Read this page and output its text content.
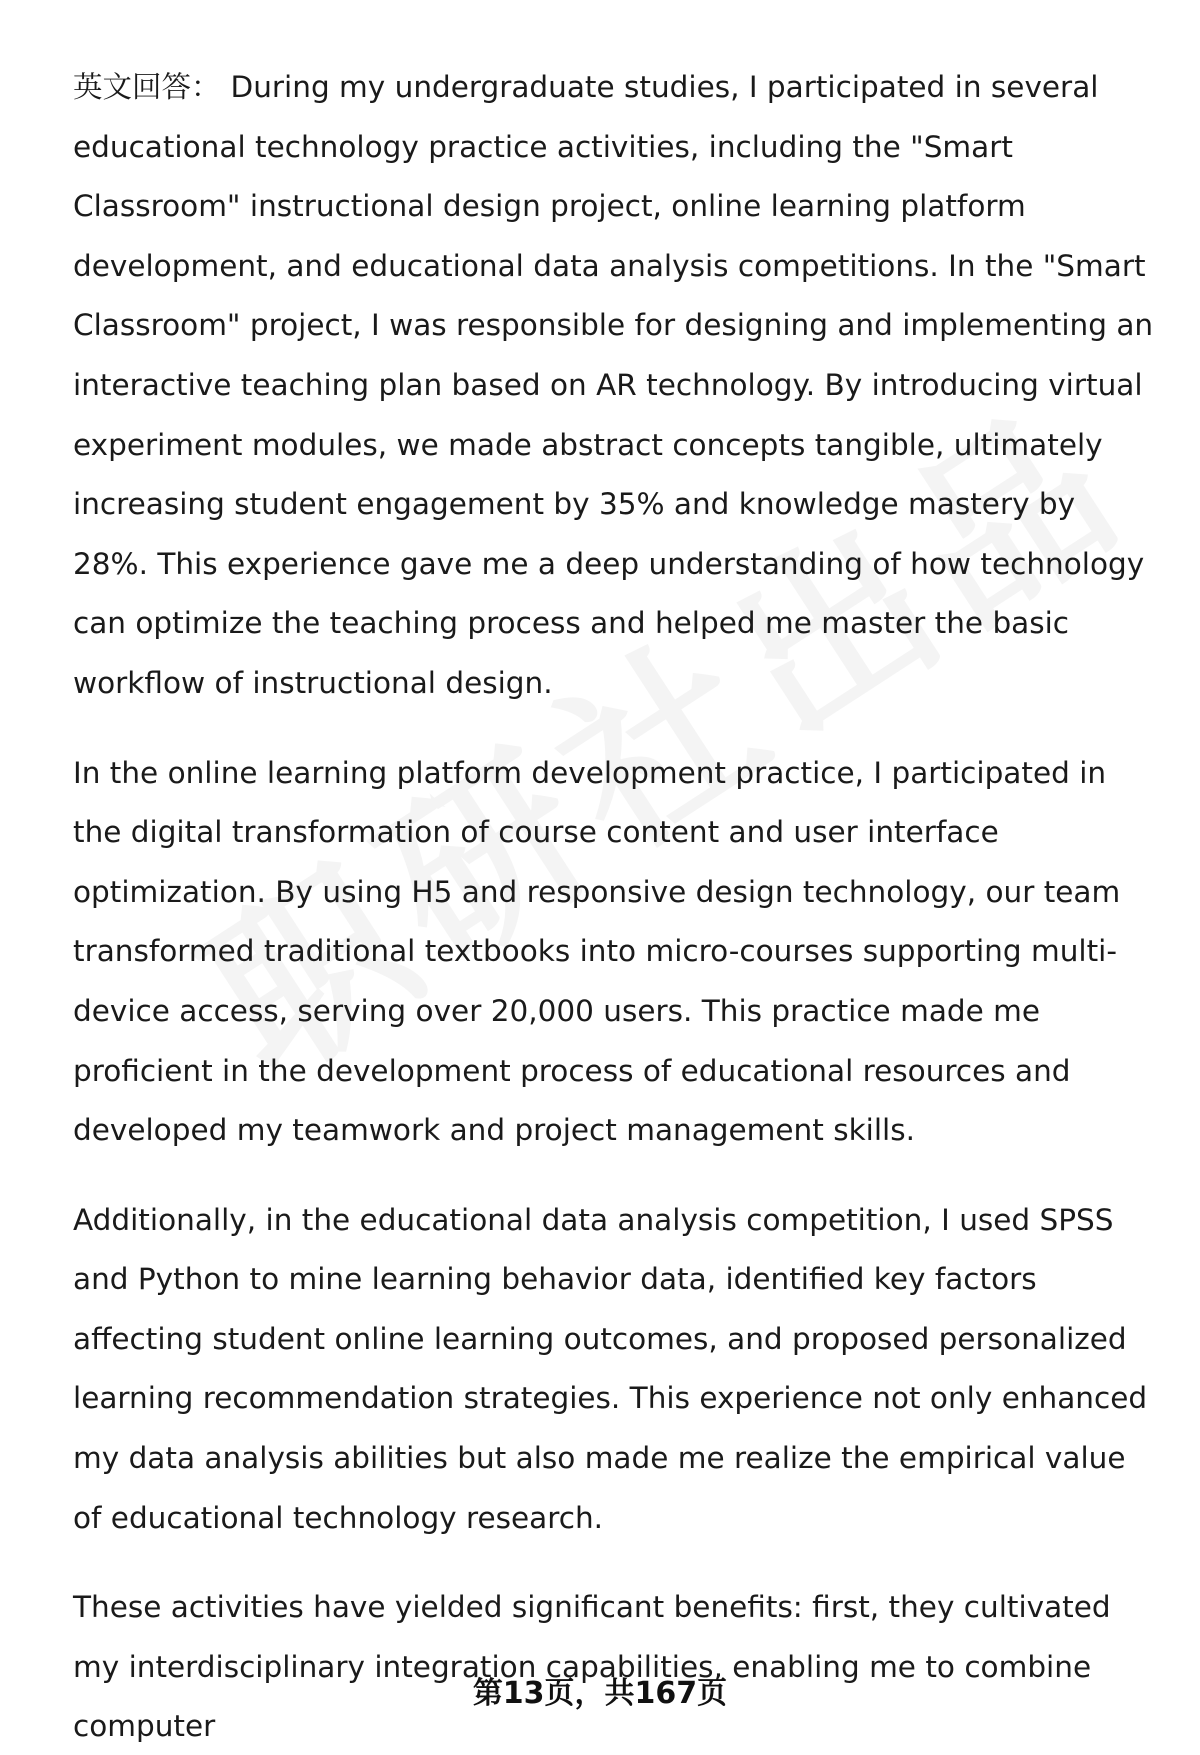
英文回答： During my undergraduate studies, I participated in several educational technology practice activities, including the "Smart Classroom" instructional design project, online learning platform development, and educational data analysis competitions. In the "Smart Classroom" project, I was responsible for designing and implementing an interactive teaching plan based on AR technology. By introducing virtual experiment modules, we made abstract concepts tangible, ultimately increasing student engagement by 35% and knowledge mastery by 28%. This experience gave me a deep understanding of how technology can optimize the teaching process and helped me master the basic workflow of instructional design.

In the online learning platform development practice, I participated in the digital transformation of course content and user interface optimization. By using H5 and responsive design technology, our team transformed traditional textbooks into micro-courses supporting multi-device access, serving over 20,000 users. This practice made me proficient in the development process of educational resources and developed my teamwork and project management skills.

Additionally, in the educational data analysis competition, I used SPSS and Python to mine learning behavior data, identified key factors affecting student online learning outcomes, and proposed personalized learning recommendation strategies. This experience not only enhanced my data analysis abilities but also made me realize the empirical value of educational technology research.

These activities have yielded significant benefits: first, they cultivated my interdisciplinary integration capabilities, enabling me to combine computer

第13页，共167页
